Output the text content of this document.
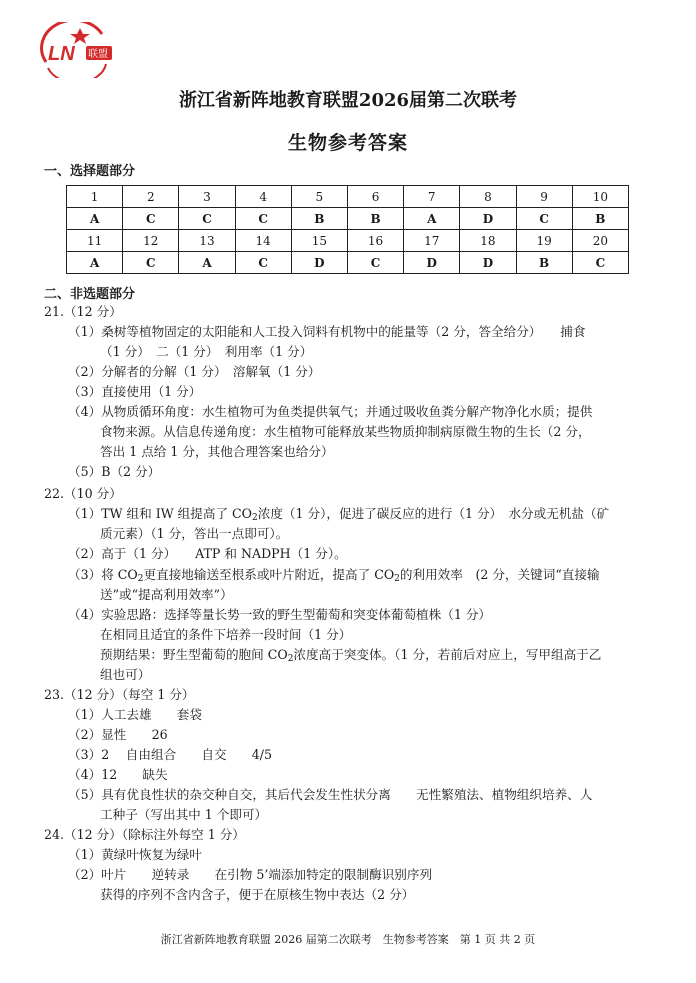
LN 联盟
浙江省新阵地教育联盟2026届第二次联考
生物参考答案
一、选择题部分
1	2	3	4	5	6	7	8	9	10
A	C	C	C	B	B	A	D	C	B
11	12	13	14	15	16	17	18	19	20
A	C	A	C	D	C	D	D	B	C
二、非选题部分
21.（12 分）
（1）桑树等植物固定的太阳能和人工投入饲料有机物中的能量等（2 分，答全给分）　　捕食
（1 分）　二（1 分）　利用率（1 分）
（2）分解者的分解（1 分）　溶解氧（1 分）
（3）直接使用（1 分）
（4）从物质循环角度：水生植物可为鱼类提供氧气；并通过吸收鱼粪分解产物净化水质；提供
食物来源。从信息传递角度：水生植物可能释放某些物质抑制病原微生物的生长（2 分，
答出 1 点给 1 分，其他合理答案也给分）
（5）B（2 分）
22.（10 分）
（1）TW 组和 IW 组提高了 $CO_2$浓度（1 分），促进了碳反应的进行（1 分）　水分或无机盐（矿
质元素）（1 分，答出一点即可）。
（2）高于（1 分）　　ATP 和 NADPH（1 分）。
（3）将 $CO_2$更直接地输送至根系或叶片附近，提高了 $CO_2$的利用效率　(2 分，关键词“直接输
送”或“提高利用效率”）
（4）实验思路：选择等量长势一致的野生型葡萄和突变体葡萄植株（1 分）
在相同且适宜的条件下培养一段时间（1 分）
预期结果：野生型葡萄的胞间 $CO_2$浓度高于突变体。（1 分，若前后对应上，写甲组高于乙
组也可）
23.（12 分）（每空 1 分）
（1）人工去雄　　套袋
（2）显性　　26
（3）2　 自由组合　　自交　　4/5
（4）12　　缺失
（5）具有优良性状的杂交种自交，其后代会发生性状分离　　无性繁殖法、植物组织培养、人
工种子（写出其中 1 个即可）
24.（12 分）（除标注外每空 1 分）
（1）黄绿叶恢复为绿叶
（2）叶片　　逆转录　　在引物 5’端添加特定的限制酶识别序列
获得的序列不含内含子，便于在原核生物中表达（2 分）
浙江省新阵地教育联盟 2026 届第二次联考　生物参考答案　第 1 页 共 2 页
